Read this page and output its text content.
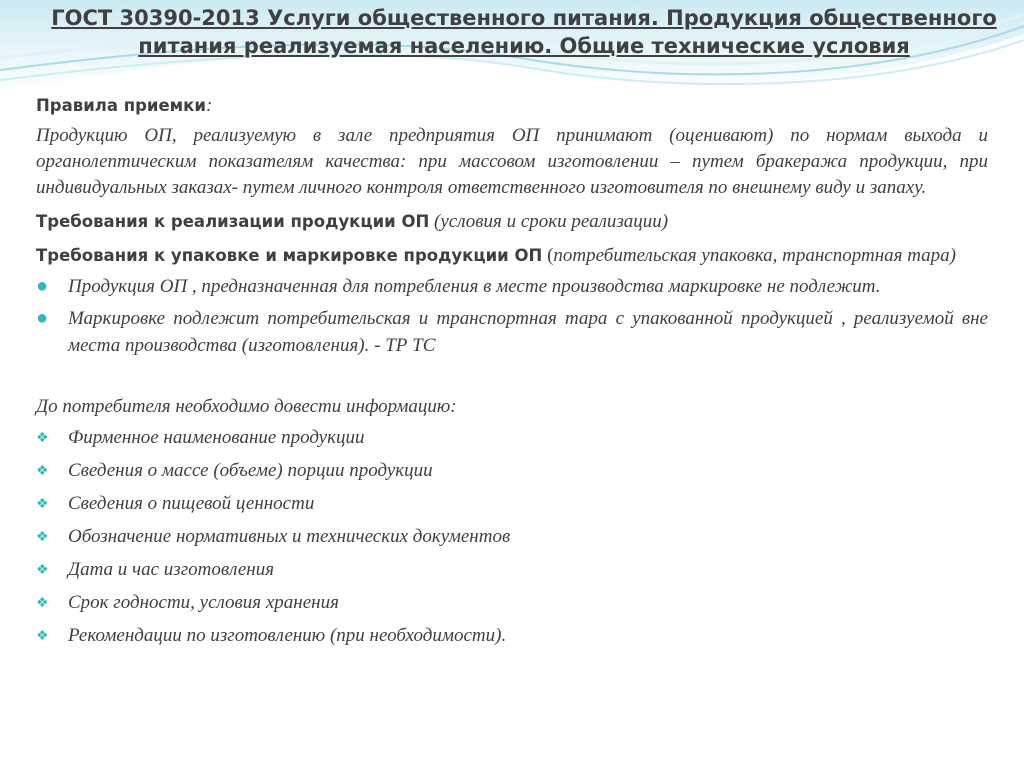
ГОСТ 30390-2013 Услуги общественного питания. Продукция общественного питания реализуемая населению. Общие технические условия

Правила приемки:

Продукцию ОП, реализуемую в зале предприятия ОП принимают (оценивают) по нормам выхода и органолептическим показателям качества: при массовом изготовлении – путем бракеража продукции, при индивидуальных заказах- путем личного контроля ответственного изготовителя по внешнему виду и запаху.

Требования к реализации продукции ОП (условия и сроки реализации)

Требования к упаковке и маркировке продукции ОП (потребительская упаковка, транспортная тара)

● Продукция ОП , предназначенная для потребления в месте производства маркировке не подлежит.
● Маркировке подлежит потребительская и транспортная тара с упакованной продукцией , реализуемой вне места производства (изготовления). - ТР ТС

До потребителя необходимо довести информацию:

❖ Фирменное наименование продукции
❖ Сведения о массе (объеме) порции продукции
❖ Сведения о пищевой ценности
❖ Обозначение нормативных и технических документов
❖ Дата и час изготовления
❖ Срок годности, условия хранения
❖ Рекомендации по изготовлению (при необходимости).
